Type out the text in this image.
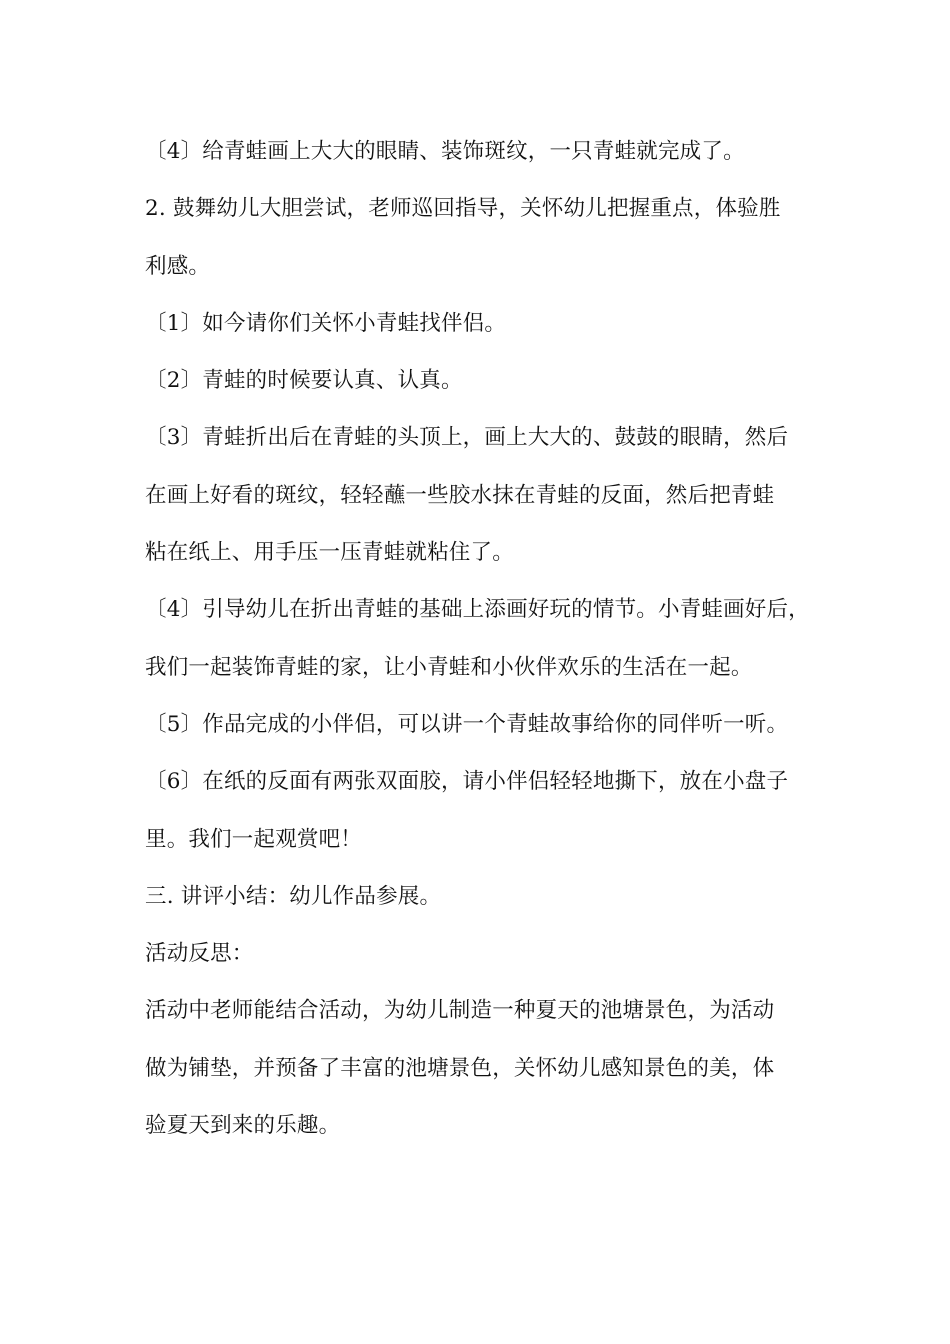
〔4〕给青蛙画上大大的眼睛、装饰斑纹，一只青蛙就完成了。
2. 鼓舞幼儿大胆尝试，老师巡回指导，关怀幼儿把握重点，体验胜
利感。
〔1〕如今请你们关怀小青蛙找伴侣。
〔2〕青蛙的时候要认真、认真。
〔3〕青蛙折出后在青蛙的头顶上，画上大大的、鼓鼓的眼睛，然后
在画上好看的斑纹，轻轻蘸一些胶水抹在青蛙的反面，然后把青蛙
粘在纸上、用手压一压青蛙就粘住了。
〔4〕引导幼儿在折出青蛙的基础上添画好玩的情节。小青蛙画好后，
我们一起装饰青蛙的家，让小青蛙和小伙伴欢乐的生活在一起。
〔5〕作品完成的小伴侣，可以讲一个青蛙故事给你的同伴听一听。
〔6〕在纸的反面有两张双面胶，请小伴侣轻轻地撕下，放在小盘子
里。我们一起观赏吧！
三. 讲评小结：幼儿作品参展。
活动反思：
活动中老师能结合活动，为幼儿制造一种夏天的池塘景色，为活动
做为铺垫，并预备了丰富的池塘景色，关怀幼儿感知景色的美，体
验夏天到来的乐趣。
